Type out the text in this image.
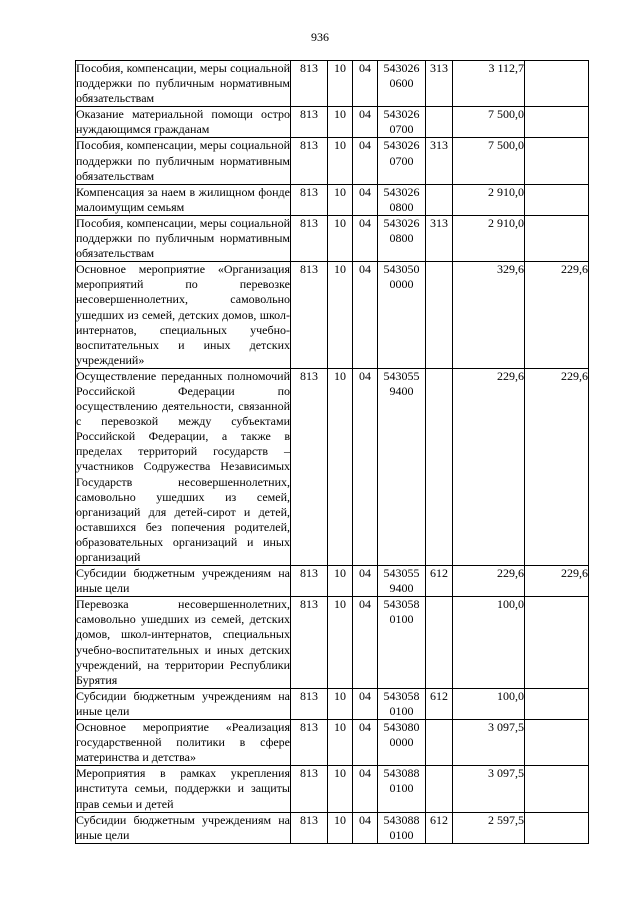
936
Пособия, компенсации, меры социальной поддержки по публичным нормативным обязательствам	813	10	04	543026 0600	313	3 112,7	
Оказание материальной помощи остро нуждающимся гражданам	813	10	04	543026 0700		7 500,0	
Пособия, компенсации, меры социальной поддержки по публичным нормативным обязательствам	813	10	04	543026 0700	313	7 500,0	
Компенсация за наем в жилищном фонде малоимущим семьям	813	10	04	543026 0800		2 910,0	
Пособия, компенсации, меры социальной поддержки по публичным нормативным обязательствам	813	10	04	543026 0800	313	2 910,0	
Основное мероприятие «Организация мероприятий по перевозке несовершеннолетних, самовольно ушедших из семей, детских домов, школ-интернатов, специальных учебно-воспитательных и иных детских учреждений»	813	10	04	543050 0000		329,6	229,6
Осуществление переданных полномочий Российской Федерации по осуществлению деятельности, связанной с перевозкой между субъектами Российской Федерации, а также в пределах территорий государств – участников Содружества Независимых Государств несовершеннолетних, самовольно ушедших из семей, организаций для детей-сирот и детей, оставшихся без попечения родителей, образовательных организаций и иных организаций	813	10	04	543055 9400		229,6	229,6
Субсидии бюджетным учреждениям на иные цели	813	10	04	543055 9400	612	229,6	229,6
Перевозка несовершеннолетних, самовольно ушедших из семей, детских домов, школ-интернатов, специальных учебно-воспитательных и иных детских учреждений, на территории Республики Бурятия	813	10	04	543058 0100		100,0	
Субсидии бюджетным учреждениям на иные цели	813	10	04	543058 0100	612	100,0	
Основное мероприятие «Реализация государственной политики в сфере материнства и детства»	813	10	04	543080 0000		3 097,5	
Мероприятия в рамках укрепления института семьи, поддержки и защиты прав семьи и детей	813	10	04	543088 0100		3 097,5	
Субсидии бюджетным учреждениям на иные цели	813	10	04	543088 0100	612	2 597,5	
